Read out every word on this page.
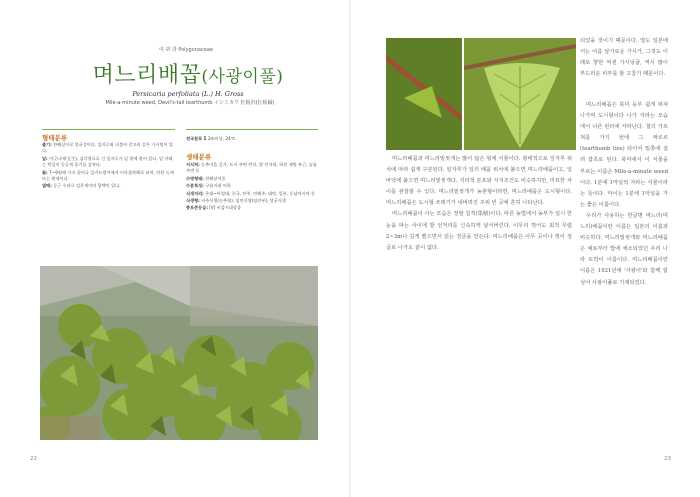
여 뀌 과 Polygonaceae
며느리배꼽(사광이풀)
Persicaria perfoliata (L.) H. Gross
Mile-a-minute weed, Devil's-tail tearthumb イシミカワ 杠板归(扛板歸)
형태분류

줄기: 한해살이로 덩굴성이다. 잎자루와 더불어 갈고리 같은 가시털이 있다.

잎: 어긋나며(互生), 삼각형으로 긴 잎자루가 잎 밑에 붙어 있다. 잎 아래는 턱잎이 둥글게 줄기를 감싼다.

꽃: 7~9월에 가지 끝이나 잎겨드랑이에서 이삭꽃차례로 피며, 연한 녹색 또는 흰색이다.

열매: 둥근 수과로 검은색이며 광택이 있다.

전국분포 Σ 2m이상, 24℃
생태분류

서식처: 농촌마을 길가, 도시 주변 빈터, 밭 언저리, 하천 제방 부근, 숲틈 주변 등

수명형태: 한해살이풀

수분특징: 구름지대 이하

식생지리: 온대~아열대, 중국, 만주, 연해주, 대만, 일본, 동남아시아 등

식생형: 터주식생(농촌형), 임연식생(임연부), 덩굴식생

종보존등급: [V] 비감시대상종

22

되었을 것이기 때문이다. 열도 일본에서는 여름 날가로운 가시가, 그것도 이래로 향한 억센 가시덩굴, 역시 많이 부드러운 피부를 할 고참기 때문이다.

며느리배꼽과 며느리밑씻개는 많이 닮은 형제 식물이다. 형태적으로 잎자루 위치에 따라 쉽게 구분된다. 잎자루가 잎의 배꼽 위치에 붙으면 며느리배꼽이고, 잎바닥에 붙으면 며느리밑씻개다. 지리적 분포와 서식조건도 비슷하지만, 미묘한 차이를 관찰할 수 있다. 며느리밑씻개가 농촌형이라면, 며느리배꼽은 도시형이다. 며느리배꼽은 도시형 쓰레기가 내버려진 주위 빈 곳에 흔히 나타난다.

며느리배꼽이 사는 모습은 정말 집적(集積)이다. 따른 농법에서 농부가 일시 한눈을 파는 사이에 밭 언저리를 신속하게 덮어버린다. 이무리 꺾어도 최적 무렵 2~3m나 길게 뻗으면서 얽는 정글을 만든다. 며느리배꼽은 아무 곳이나 꺾이 정글로 나가도 끝이 없다.

며느리배꼽은 북미 동부 쉽게 퍼져 나가며 도시형이다 나가 자라는 모습에서 너른 빈터에 자라난다. 철의 가르쳐를 가지 번에 그 짜르르(tearthumb ties) 타이어 밑쪽에 걸려 잡초로 된다. 북미에서 이 식물을 부르는 이름은 Mile-a-minute weed이다. 1분에 1마일씩 자라는 식물이라는 뜻이다. 마이는 1분에 1마일을 가는 좋은 이름이다.

우리가 사용하는 한글명 며느리(며느리)배꼽이란 이름은 일본의 이름과 비슷하다. 며느리밑씻개와 며느리배꼽은 예로부터 밥에 채소되었던 우리 나라 토박이 이름이다. 며느리배꼽이란 이름은 1921년에 '사광이'와 함께 합성어 사광이풀로 기재되었다.

23
